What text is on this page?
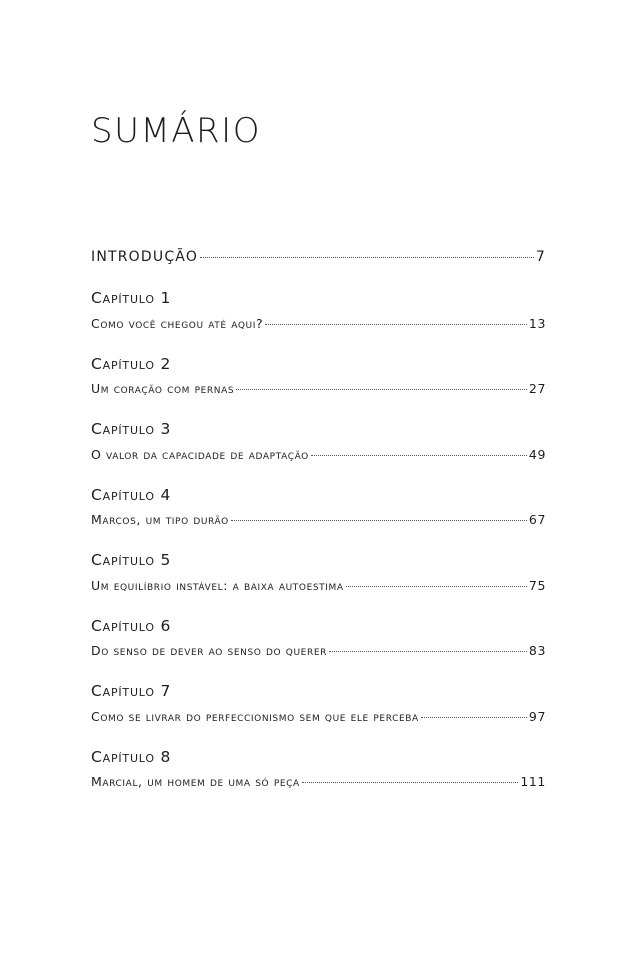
SUMÁRIO
INTRODUÇÃO	7
Capítulo 1
Como você chegou até aqui?	13
Capítulo 2
Um coração com pernas	27
Capítulo 3
O valor da capacidade de adaptação	49
Capítulo 4
Marcos, um tipo durão	67
Capítulo 5
Um equilíbrio instável: a baixa autoestima	75
Capítulo 6
Do senso de dever ao senso do querer	83
Capítulo 7
Como se livrar do perfeccionismo sem que ele perceba	97
Capítulo 8
Marcial, um homem de uma só peça	111
